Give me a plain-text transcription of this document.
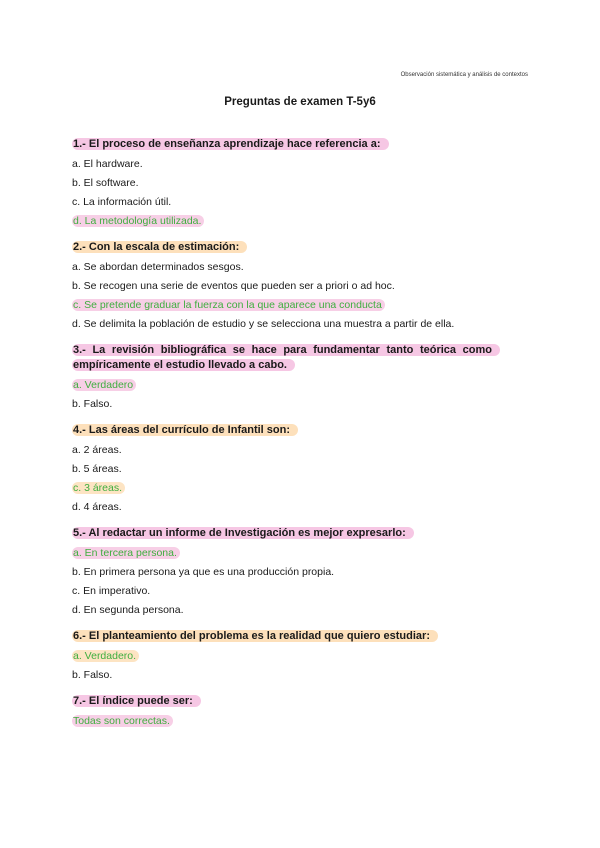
Observación sistemática y análisis de contextos
Preguntas de examen T-5y6
1.- El proceso de enseñanza aprendizaje hace referencia a:
a. El hardware.
b. El software.
c. La información útil.
d. La metodología utilizada.
2.- Con la escala de estimación:
a. Se abordan determinados sesgos.
b. Se recogen una serie de eventos que pueden ser a priori o ad hoc.
c. Se pretende graduar la fuerza con la que aparece una conducta
d. Se delimita la población de estudio y se selecciona una muestra a partir de ella.
3.- La revisión bibliográfica se hace para fundamentar tanto teórica como empíricamente el estudio llevado a cabo.
a. Verdadero
b. Falso.
4.- Las áreas del currículo de Infantil son:
a. 2 áreas.
b. 5 áreas.
c. 3 áreas.
d. 4 áreas.
5.- Al redactar un informe de Investigación es mejor expresarlo:
a. En tercera persona.
b. En primera persona ya que es una producción propia.
c. En imperativo.
d. En segunda persona.
6.- El planteamiento del problema es la realidad que quiero estudiar:
a. Verdadero.
b. Falso.
7.- El índice puede ser:
Todas son correctas.
